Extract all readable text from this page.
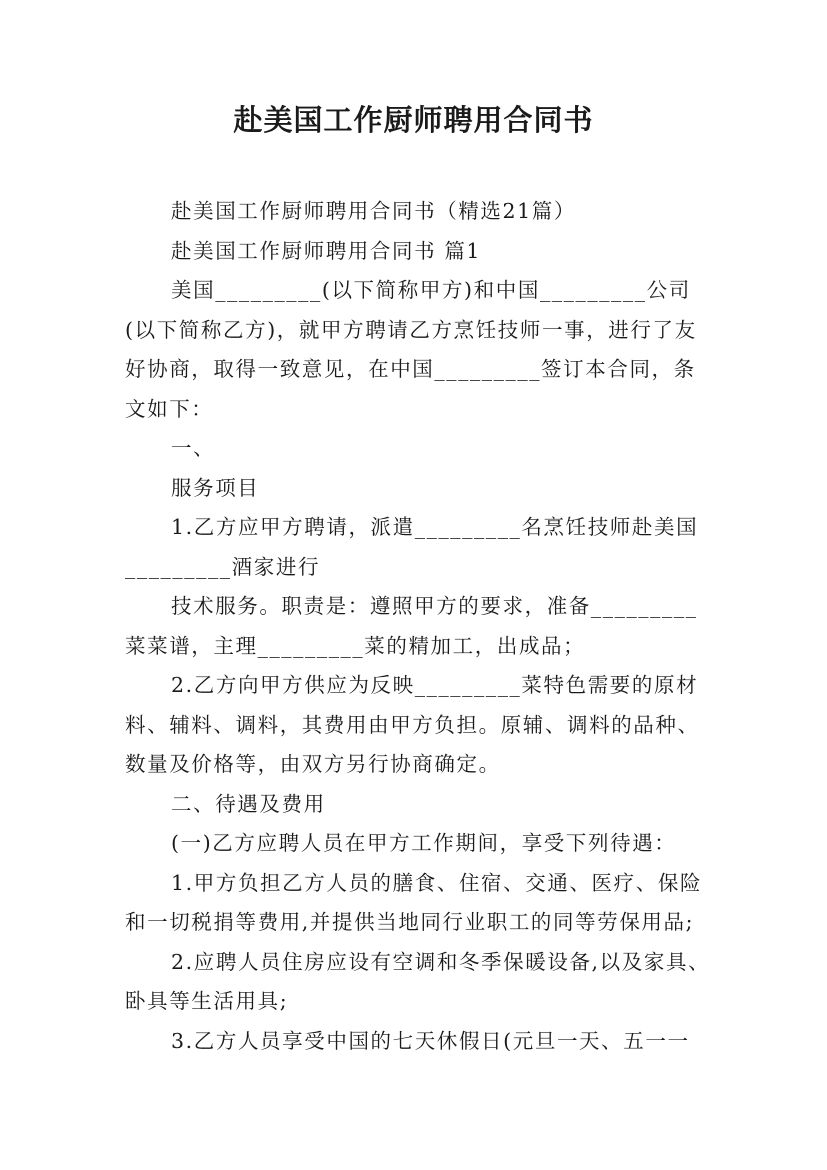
赴美国工作厨师聘用合同书

赴美国工作厨师聘用合同书（精选21篇）

赴美国工作厨师聘用合同书 篇1

美国_________(以下简称甲方)和中国_________公司

(以下简称乙方)，就甲方聘请乙方烹饪技师一事，进行了友

好协商，取得一致意见，在中国_________签订本合同，条

文如下：

一、

服务项目

1.乙方应甲方聘请，派遣_________名烹饪技师赴美国

_________酒家进行

技术服务。职责是：遵照甲方的要求，准备_________

菜菜谱，主理_________菜的精加工，出成品；

2.乙方向甲方供应为反映_________菜特色需要的原材

料、辅料、调料，其费用由甲方负担。原辅、调料的品种、

数量及价格等，由双方另行协商确定。

二、待遇及费用

(一)乙方应聘人员在甲方工作期间，享受下列待遇：

1.甲方负担乙方人员的膳食、住宿、交通、医疗、保险

和一切税捐等费用,并提供当地同行业职工的同等劳保用品;

2.应聘人员住房应设有空调和冬季保暖设备,以及家具、

卧具等生活用具;

3.乙方人员享受中国的七天休假日(元旦一天、五一一
